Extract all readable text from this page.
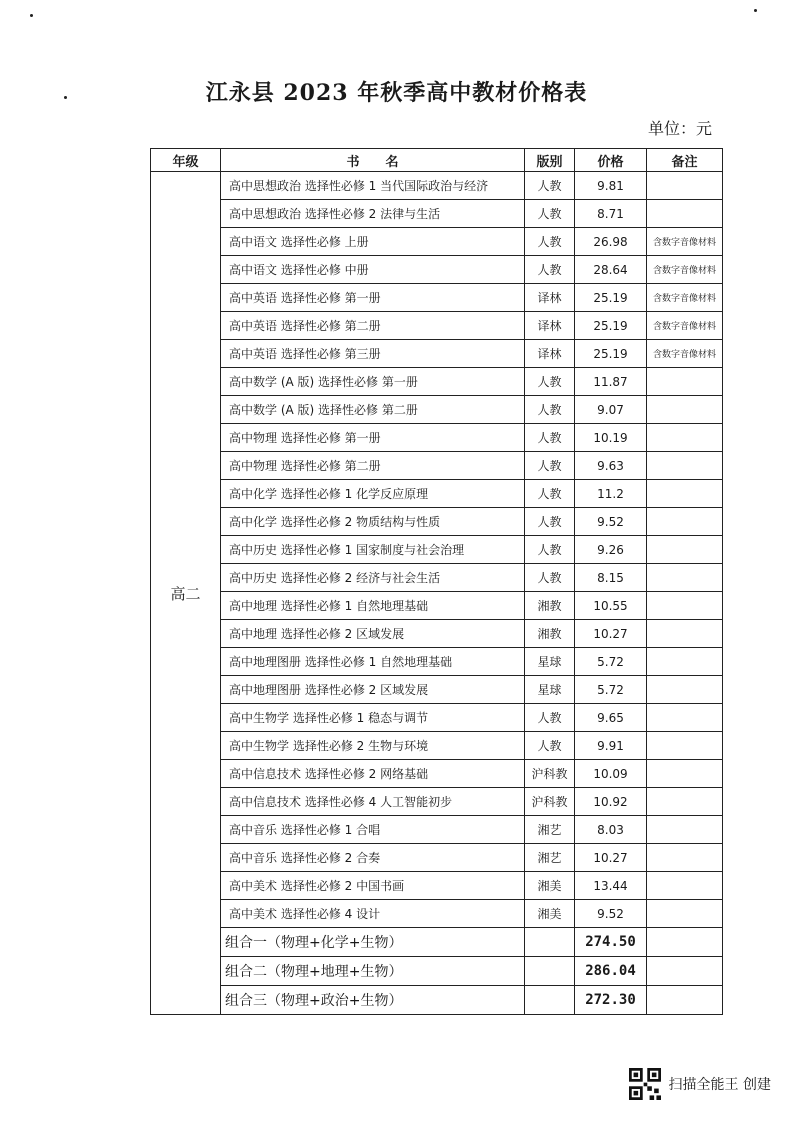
江永县 2023 年秋季高中教材价格表
单位：元
年级	书　　名	版别	价格	备注
高二	高中思想政治 选择性必修 1 当代国际政治与经济	人教	9.81	
	高中思想政治 选择性必修 2 法律与生活	人教	8.71	
	高中语文 选择性必修 上册	人教	26.98	含数字音像材料
	高中语文 选择性必修 中册	人教	28.64	含数字音像材料
	高中英语 选择性必修 第一册	译林	25.19	含数字音像材料
	高中英语 选择性必修 第二册	译林	25.19	含数字音像材料
	高中英语 选择性必修 第三册	译林	25.19	含数字音像材料
	高中数学 (A 版) 选择性必修 第一册	人教	11.87	
	高中数学 (A 版) 选择性必修 第二册	人教	9.07	
	高中物理 选择性必修 第一册	人教	10.19	
	高中物理 选择性必修 第二册	人教	9.63	
	高中化学 选择性必修 1 化学反应原理	人教	11.2	
	高中化学 选择性必修 2 物质结构与性质	人教	9.52	
	高中历史 选择性必修 1 国家制度与社会治理	人教	9.26	
	高中历史 选择性必修 2 经济与社会生活	人教	8.15	
	高中地理 选择性必修 1 自然地理基础	湘教	10.55	
	高中地理 选择性必修 2 区域发展	湘教	10.27	
	高中地理图册 选择性必修 1 自然地理基础	星球	5.72	
	高中地理图册 选择性必修 2 区域发展	星球	5.72	
	高中生物学 选择性必修 1 稳态与调节	人教	9.65	
	高中生物学 选择性必修 2 生物与环境	人教	9.91	
	高中信息技术 选择性必修 2 网络基础	沪科教	10.09	
	高中信息技术 选择性必修 4 人工智能初步	沪科教	10.92	
	高中音乐 选择性必修 1 合唱	湘艺	8.03	
	高中音乐 选择性必修 2 合奏	湘艺	10.27	
	高中美术 选择性必修 2 中国书画	湘美	13.44	
	高中美术 选择性必修 4 设计	湘美	9.52	
	组合一（物理+化学+生物）		274.50	
	组合二（物理+地理+生物）		286.04	
	组合三（物理+政治+生物）		272.30	
扫描全能王 创建
